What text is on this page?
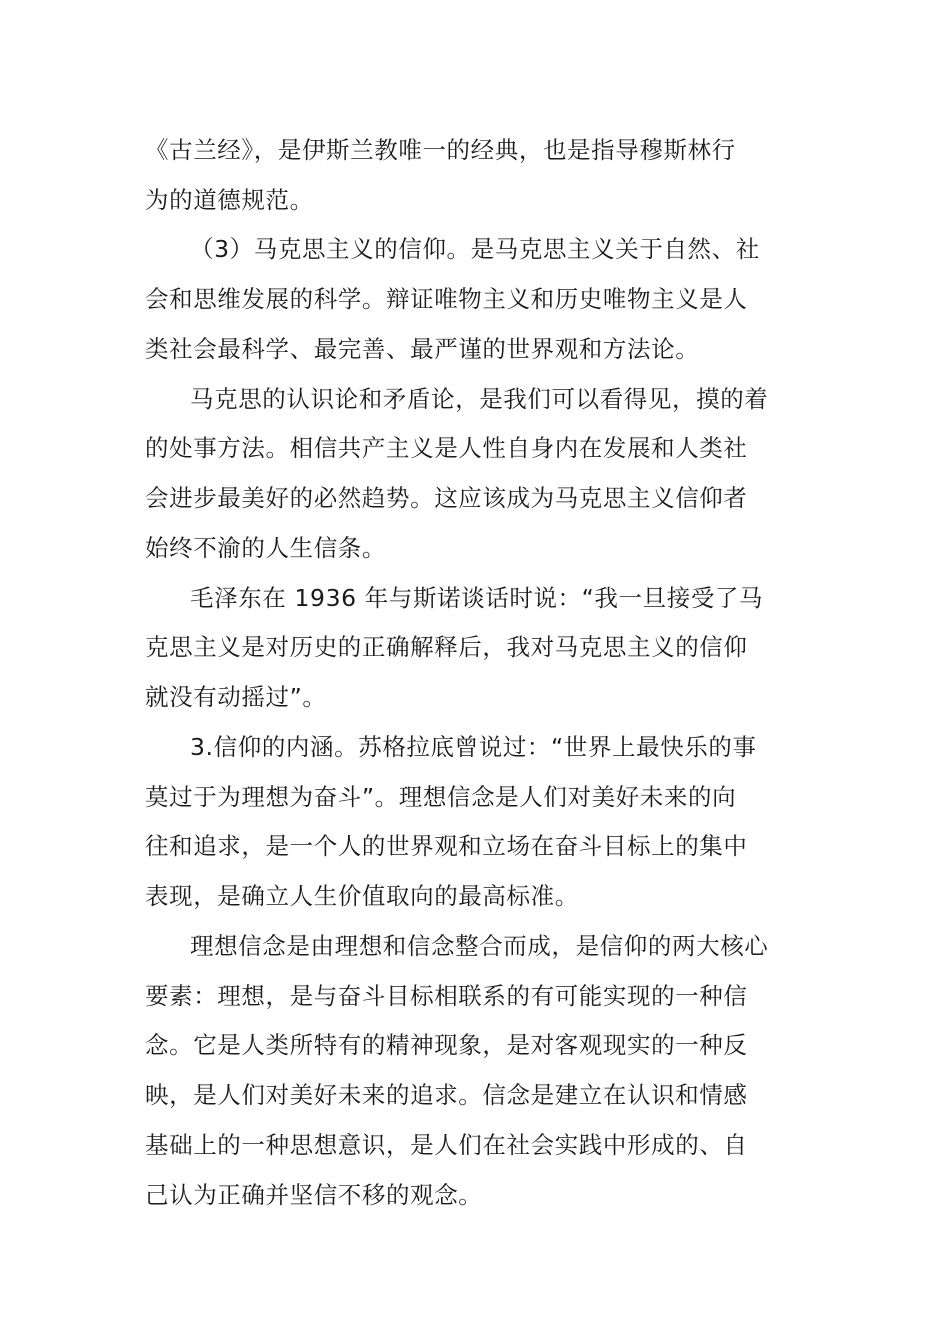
《古兰经》，是伊斯兰教唯一的经典，也是指导穆斯林行
为的道德规范。
（3）马克思主义的信仰。是马克思主义关于自然、社
会和思维发展的科学。辩证唯物主义和历史唯物主义是人
类社会最科学、最完善、最严谨的世界观和方法论。
马克思的认识论和矛盾论，是我们可以看得见，摸的着
的处事方法。相信共产主义是人性自身内在发展和人类社
会进步最美好的必然趋势。这应该成为马克思主义信仰者
始终不渝的人生信条。
毛泽东在 1936 年与斯诺谈话时说：“我一旦接受了马
克思主义是对历史的正确解释后，我对马克思主义的信仰
就没有动摇过”。
3.信仰的内涵。苏格拉底曾说过：“世界上最快乐的事
莫过于为理想为奋斗”。理想信念是人们对美好未来的向
往和追求，是一个人的世界观和立场在奋斗目标上的集中
表现，是确立人生价值取向的最高标准。
理想信念是由理想和信念整合而成，是信仰的两大核心
要素：理想，是与奋斗目标相联系的有可能实现的一种信
念。它是人类所特有的精神现象，是对客观现实的一种反
映，是人们对美好未来的追求。信念是建立在认识和情感
基础上的一种思想意识，是人们在社会实践中形成的、自
己认为正确并坚信不移的观念。
